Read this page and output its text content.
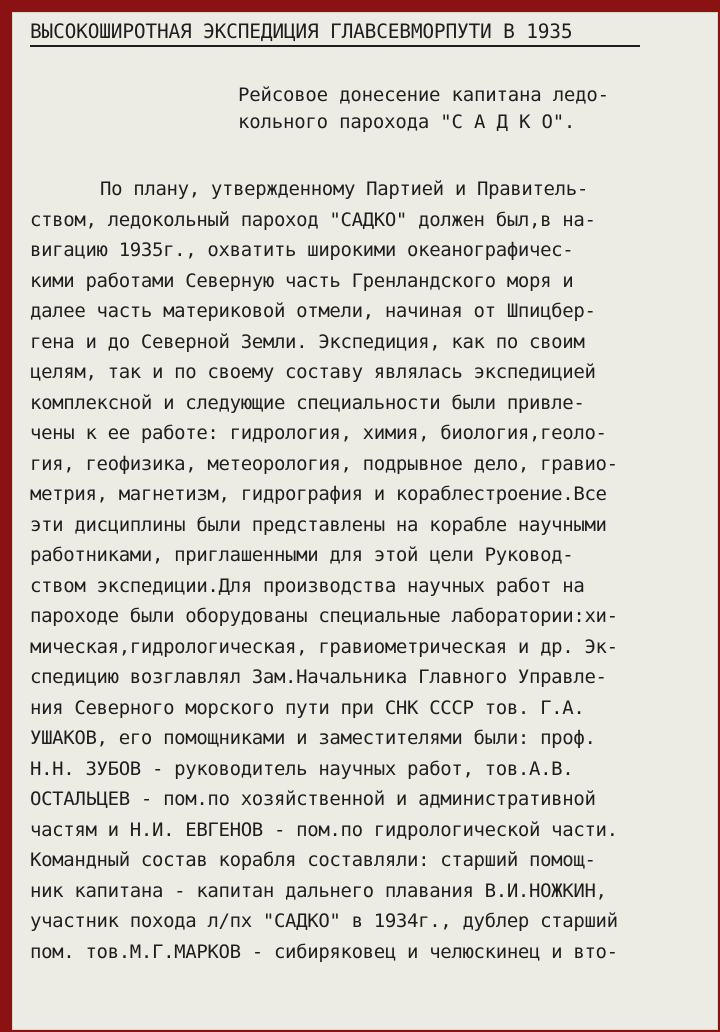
ВЫСОКОШИРОТНАЯ ЭКСПЕДИЦИЯ ГЛАВСЕВМОРПУТИ В 1935
Рейсовое донесение капитана ледо-
кольного парохода "С А Д К О".
По плану, утвержденному Партией и Правитель-
ством, ледокольный пароход "САДКО" должен был,в на-
вигацию 1935г., охватить широкими океанографичес-
кими работами Северную часть Гренландского моря и
далее часть материковой отмели, начиная от Шпицбер-
гена и до Северной Земли. Экспедиция, как по своим
целям, так и по своему составу являлась экспедицией
комплексной и следующие специальности были привле-
чены к ее работе: гидрология, химия, биология,геоло-
гия, геофизика, метеорология, подрывное дело, гравио-
метрия, магнетизм, гидрография и кораблестроение.Все
эти дисциплины были представлены на корабле научными
работниками, приглашенными для этой цели Руковод-
ством экспедиции.Для производства научных работ на
пароходе были оборудованы специальные лаборатории:хи-
мическая,гидрологическая, гравиометрическая и др. Эк-
спедицию возглавлял Зам.Начальника Главного Управле-
ния Северного морского пути при СНК СССР тов. Г.А.
УШАКОВ, его помощниками и заместителями были: проф.
Н.Н. ЗУБОВ - руководитель научных работ, тов.А.В.
ОСТАЛЬЦЕВ - пом.по хозяйственной и административной
частям и Н.И. ЕВГЕНОВ - пом.по гидрологической части.
Командный состав корабля составляли: старший помощ-
ник капитана - капитан дальнего плавания В.И.НОЖКИН,
участник похода л/пх "САДКО" в 1934г., дублер старший
пом. тов.М.Г.МАРКОВ - сибиряковец и челюскинец и вто-
